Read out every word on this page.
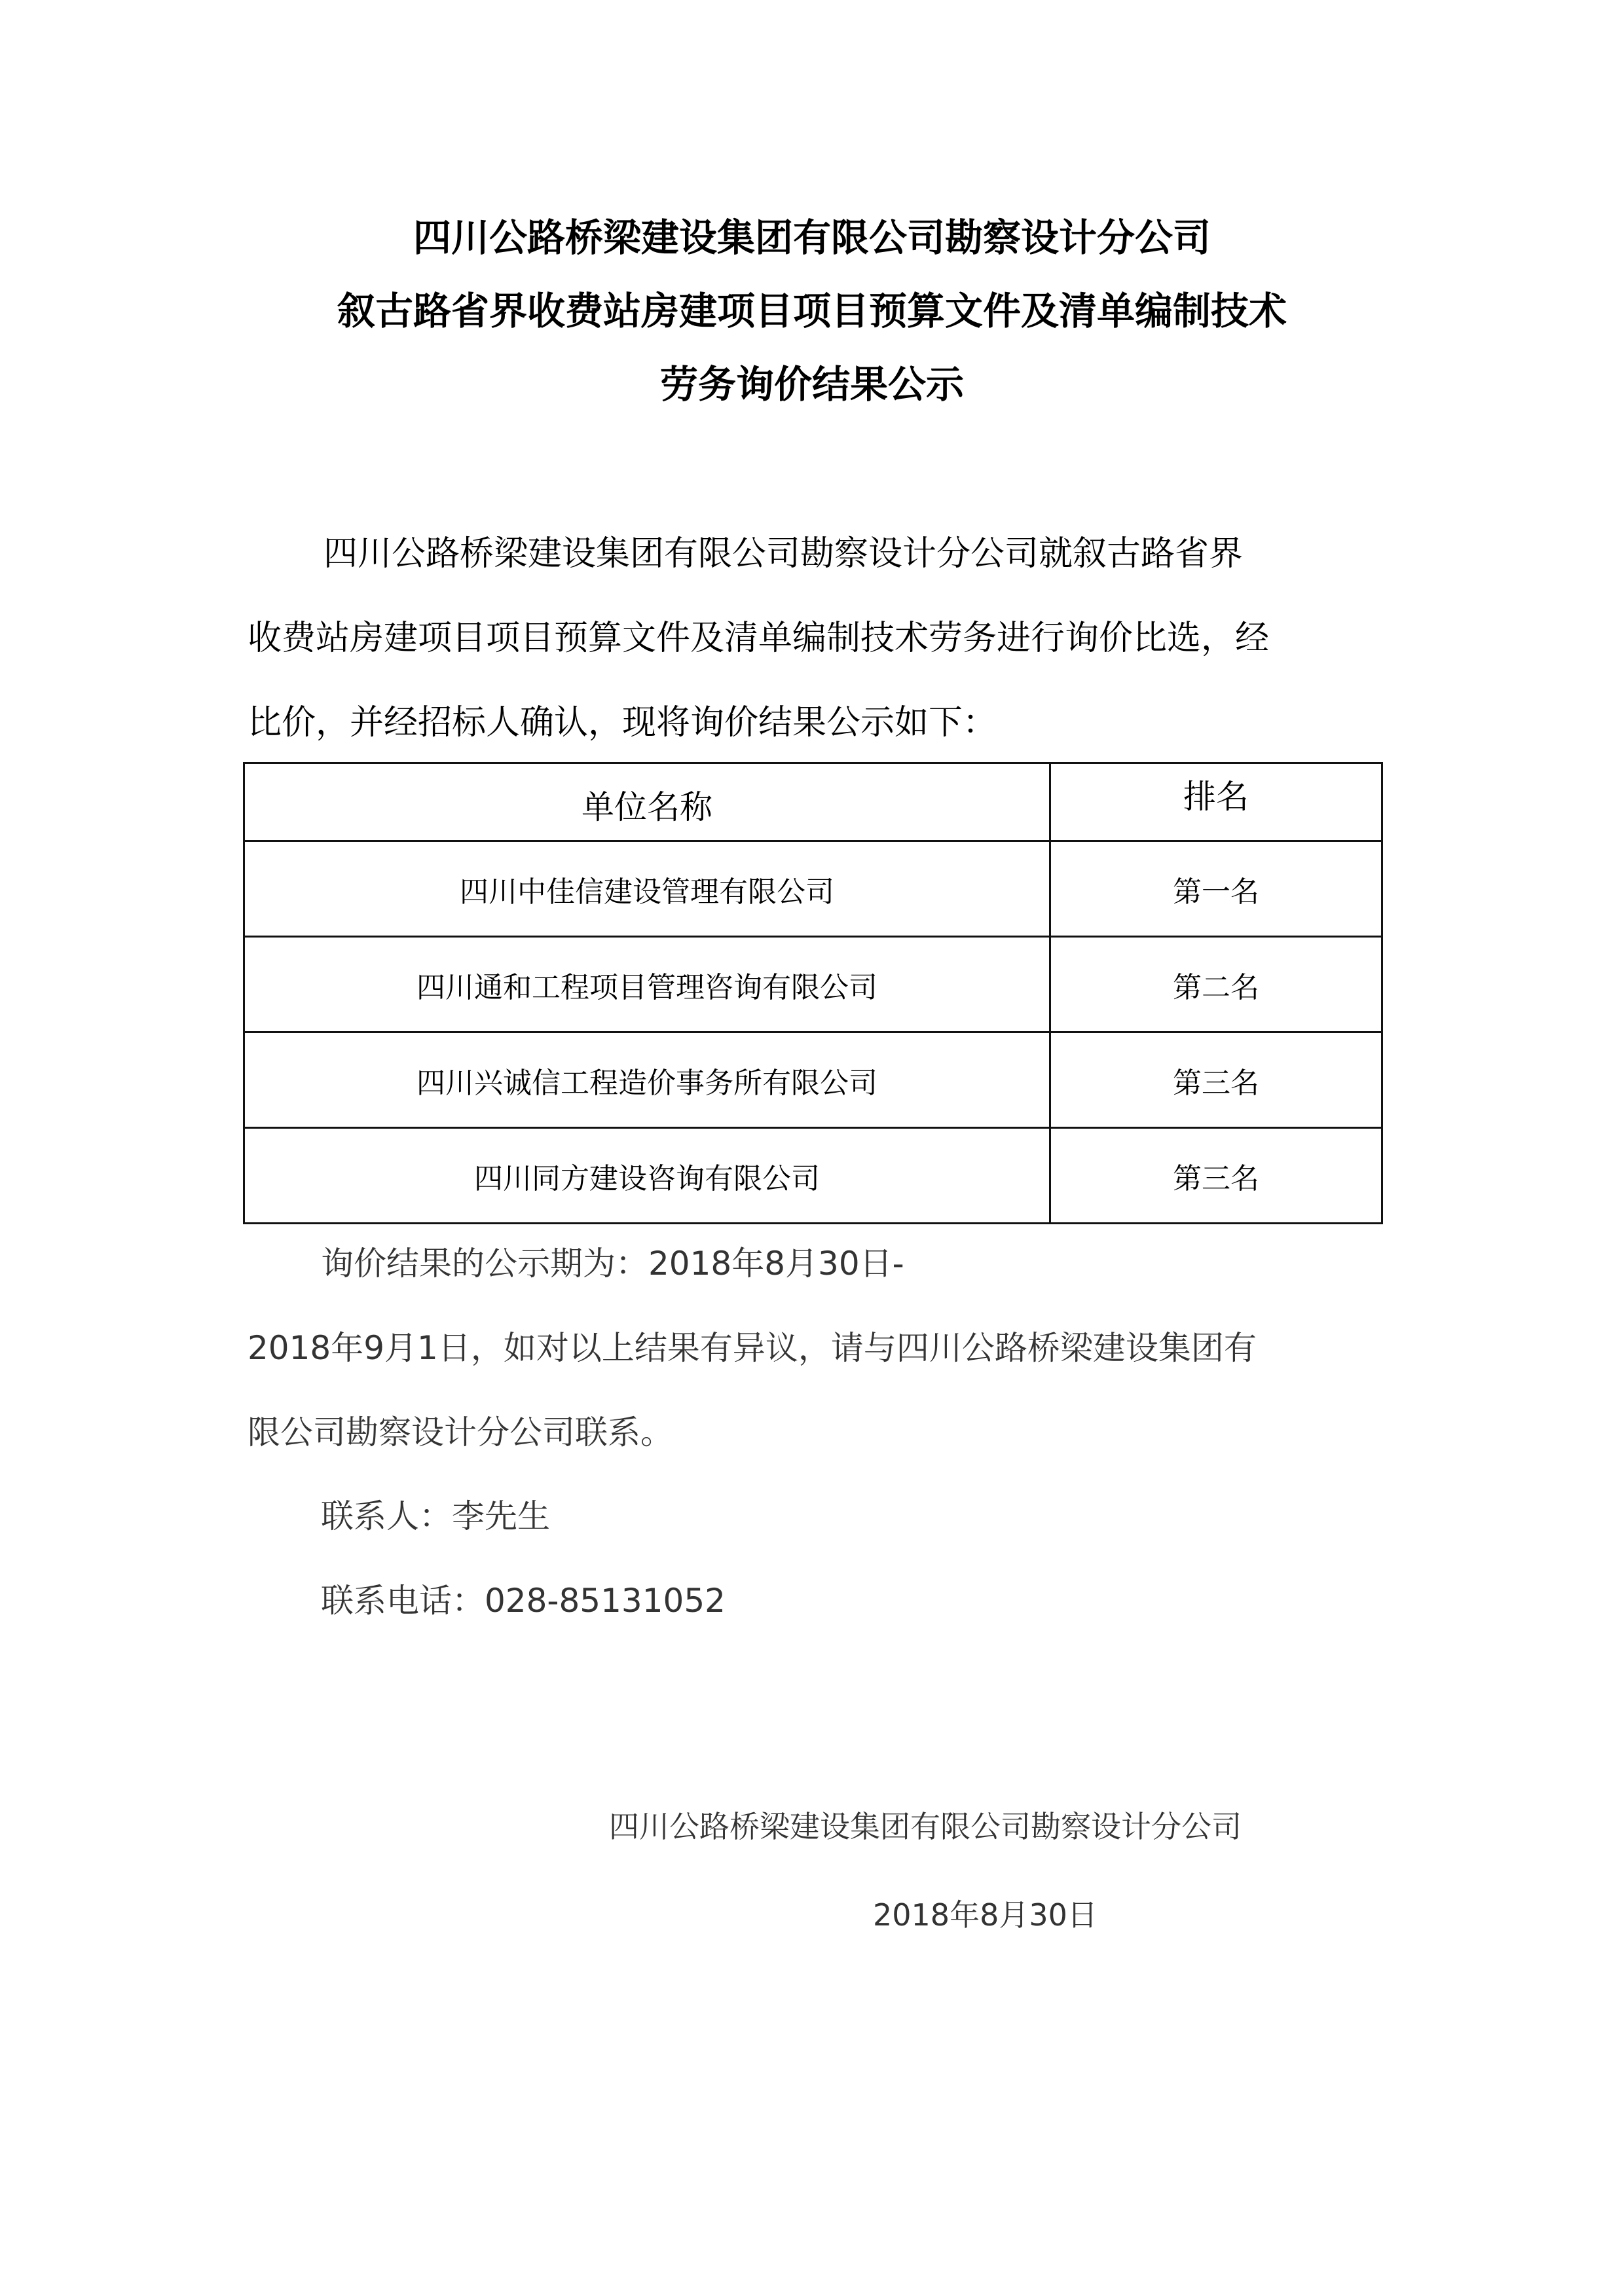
四川公路桥梁建设集团有限公司勘察设计分公司
叙古路省界收费站房建项目项目预算文件及清单编制技术
劳务询价结果公示
四川公路桥梁建设集团有限公司勘察设计分公司就叙古路省界
收费站房建项目项目预算文件及清单编制技术劳务进行询价比选，经
比价，并经招标人确认，现将询价结果公示如下：
单位名称	排名
四川中佳信建设管理有限公司	第一名
四川通和工程项目管理咨询有限公司	第二名
四川兴诚信工程造价事务所有限公司	第三名
四川同方建设咨询有限公司	第三名
询价结果的公示期为：2018年8月30日-
2018年9月1日，如对以上结果有异议，请与四川公路桥梁建设集团有
限公司勘察设计分公司联系。
联系人：李先生
联系电话：028-85131052
四川公路桥梁建设集团有限公司勘察设计分公司
2018年8月30日
